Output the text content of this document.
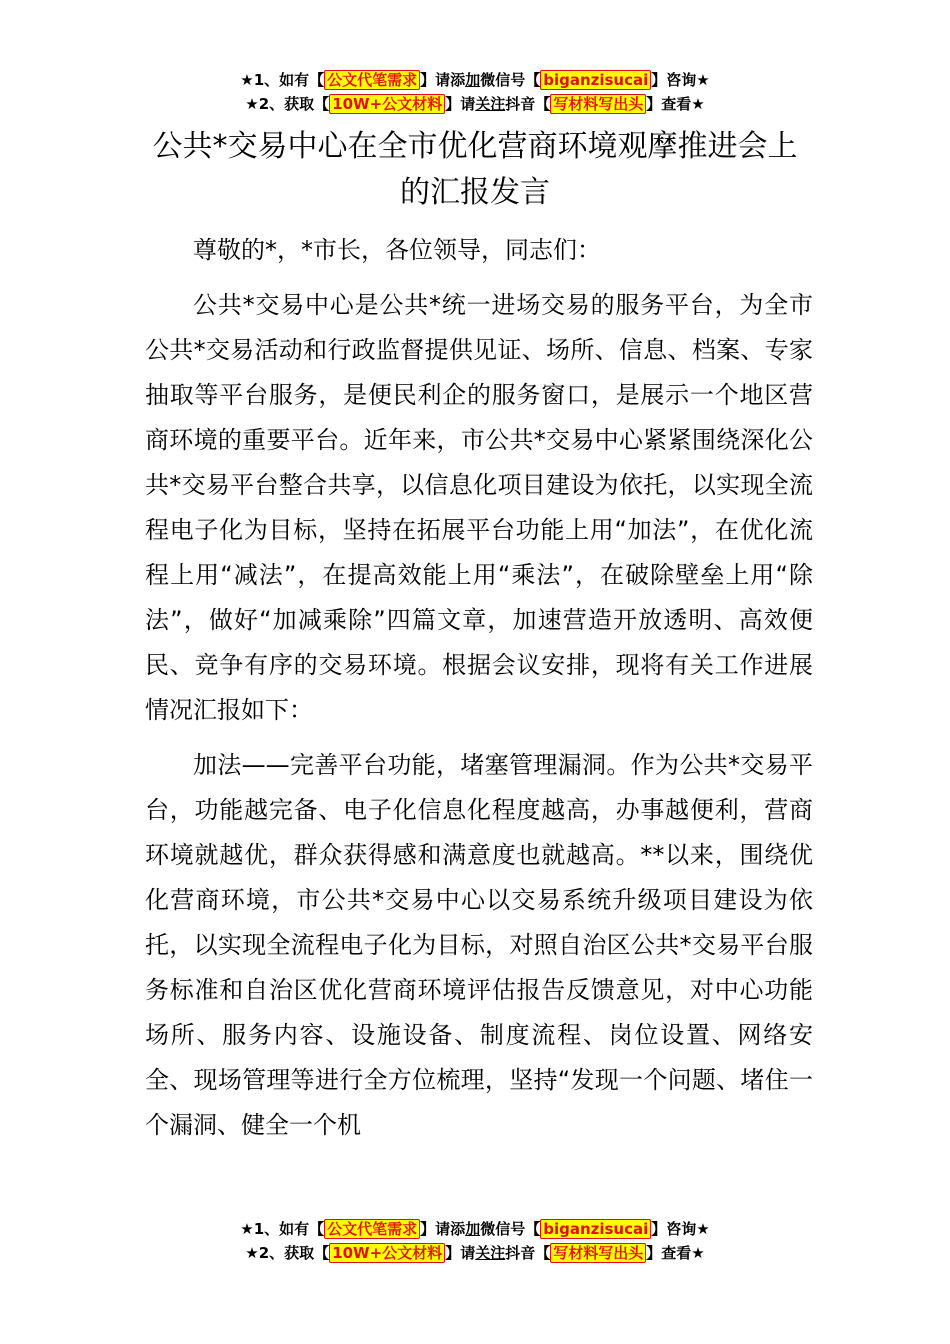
★1、如有【 公文代笔需求 】请添加微信号【 biganzisucai 】咨询★
★2、获取【 10W+公文材料 】请关注抖音【 写材料写出头 】查看★
公共*交易中心在全市优化营商环境观摩推进会上的汇报发言

尊敬的*，*市长，各位领导，同志们：

公共*交易中心是公共*统一进场交易的服务平台，为全市公共*交易活动和行政监督提供见证、场所、信息、档案、专家抽取等平台服务，是便民利企的服务窗口，是展示一个地区营商环境的重要平台。近年来，市公共*交易中心紧紧围绕深化公共*交易平台整合共享，以信息化项目建设为依托，以实现全流程电子化为目标，坚持在拓展平台功能上用“加法”，在优化流程上用“减法”，在提高效能上用“乘法”，在破除壁垒上用“除法”，做好“加减乘除”四篇文章，加速营造开放透明、高效便民、竞争有序的交易环境。根据会议安排，现将有关工作进展情况汇报如下：

加法——完善平台功能，堵塞管理漏洞。作为公共*交易平台，功能越完备、电子化信息化程度越高，办事越便利，营商环境就越优，群众获得感和满意度也就越高。**以来，围绕优化营商环境，市公共*交易中心以交易系统升级项目建设为依托，以实现全流程电子化为目标，对照自治区公共*交易平台服务标准和自治区优化营商环境评估报告反馈意见，对中心功能场所、服务内容、设施设备、制度流程、岗位设置、网络安全、现场管理等进行全方位梳理，坚持“发现一个问题、堵住一个漏洞、健全一个机

★1、如有【 公文代笔需求 】请添加微信号【 biganzisucai 】咨询★
★2、获取【 10W+公文材料 】请关注抖音【 写材料写出头 】查看★
